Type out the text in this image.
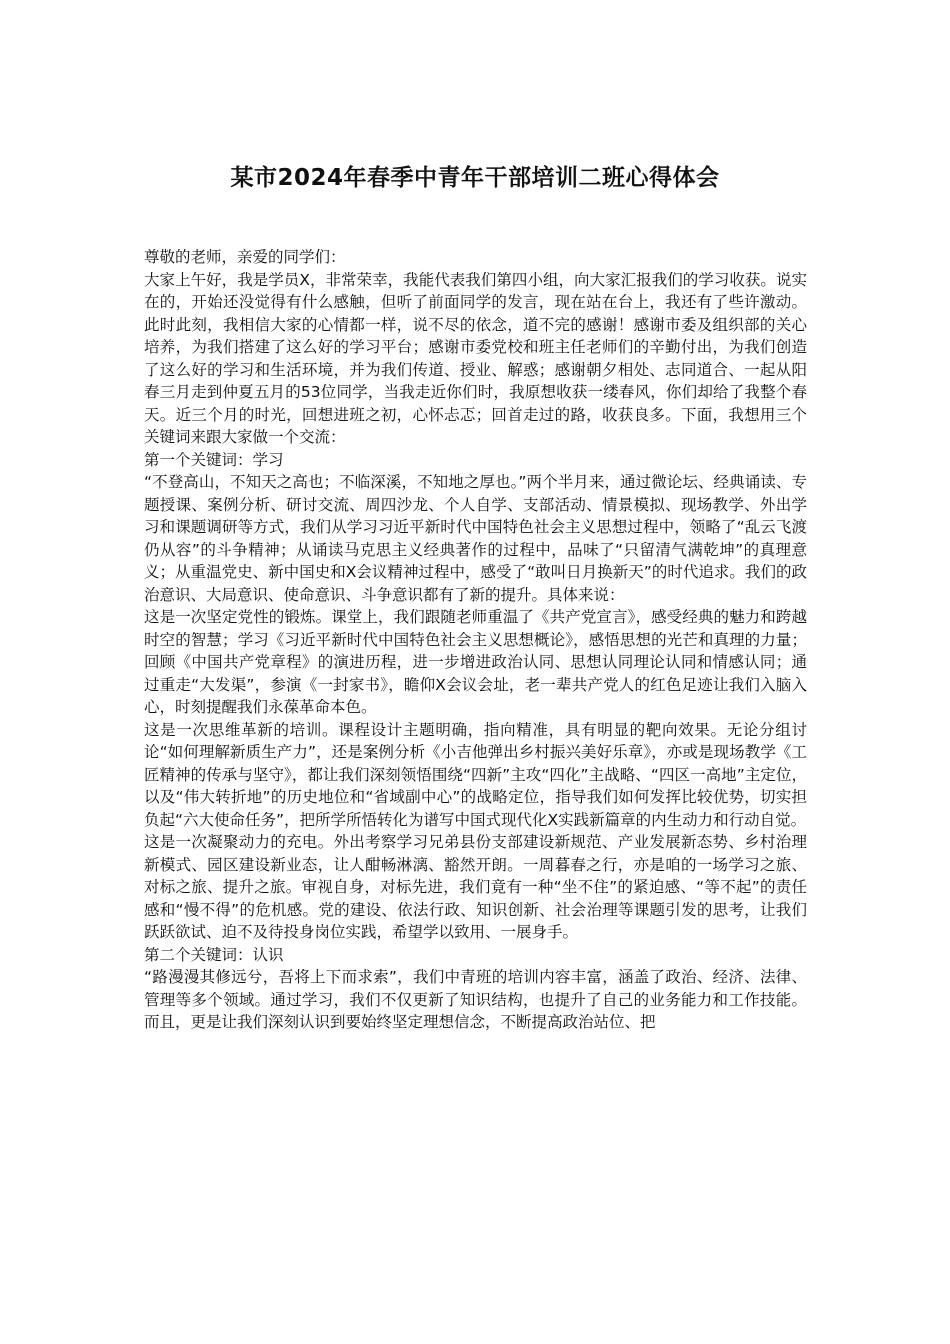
某市2024年春季中青年干部培训二班心得体会

尊敬的老师，亲爱的同学们：

大家上午好，我是学员X，非常荣幸，我能代表我们第四小组，向大家汇报我们的学习收获。说实在的，开始还没觉得有什么感触，但听了前面同学的发言，现在站在台上，我还有了些许激动。此时此刻，我相信大家的心情都一样，说不尽的依念，道不完的感谢！感谢市委及组织部的关心培养，为我们搭建了这么好的学习平台；感谢市委党校和班主任老师们的辛勤付出，为我们创造了这么好的学习和生活环境，并为我们传道、授业、解惑；感谢朝夕相处、志同道合、一起从阳春三月走到仲夏五月的53位同学，当我走近你们时，我原想收获一缕春风，你们却给了我整个春天。近三个月的时光，回想进班之初，心怀忐忑；回首走过的路，收获良多。下面，我想用三个关键词来跟大家做一个交流：

第一个关键词：学习

“不登高山，不知天之高也；不临深溪，不知地之厚也。”两个半月来，通过微论坛、经典诵读、专题授课、案例分析、研讨交流、周四沙龙、个人自学、支部活动、情景模拟、现场教学、外出学习和课题调研等方式，我们从学习习近平新时代中国特色社会主义思想过程中，领略了“乱云飞渡仍从容”的斗争精神；从诵读马克思主义经典著作的过程中，品味了“只留清气满乾坤”的真理意义；从重温党史、新中国史和X会议精神过程中，感受了“敢叫日月换新天”的时代追求。我们的政治意识、大局意识、使命意识、斗争意识都有了新的提升。具体来说：

这是一次坚定党性的锻炼。课堂上，我们跟随老师重温了《共产党宣言》，感受经典的魅力和跨越时空的智慧；学习《习近平新时代中国特色社会主义思想概论》，感悟思想的光芒和真理的力量；回顾《中国共产党章程》的演进历程，进一步增进政治认同、思想认同理论认同和情感认同；通过重走“大发渠”，参演《一封家书》，瞻仰X会议会址，老一辈共产党人的红色足迹让我们入脑入心，时刻提醒我们永葆革命本色。

这是一次思维革新的培训。课程设计主题明确，指向精准，具有明显的靶向效果。无论分组讨论“如何理解新质生产力”，还是案例分析《小吉他弹出乡村振兴美好乐章》，亦或是现场教学《工匠精神的传承与坚守》，都让我们深刻领悟围绕“四新”主攻“四化”主战略、“四区一高地”主定位，以及“伟大转折地”的历史地位和“省域副中心”的战略定位，指导我们如何发挥比较优势，切实担负起“六大使命任务”，把所学所悟转化为谱写中国式现代化X实践新篇章的内生动力和行动自觉。

这是一次凝聚动力的充电。外出考察学习兄弟县份支部建设新规范、产业发展新态势、乡村治理新模式、园区建设新业态，让人酣畅淋漓、豁然开朗。一周暮春之行，亦是咱的一场学习之旅、对标之旅、提升之旅。审视自身，对标先进，我们竟有一种“坐不住”的紧迫感、“等不起”的责任感和“慢不得”的危机感。党的建设、依法行政、知识创新、社会治理等课题引发的思考，让我们跃跃欲试、迫不及待投身岗位实践，希望学以致用、一展身手。

第二个关键词：认识

“路漫漫其修远兮，吾将上下而求索”，我们中青班的培训内容丰富，涵盖了政治、经济、法律、管理等多个领域。通过学习，我们不仅更新了知识结构，也提升了自己的业务能力和工作技能。而且，更是让我们深刻认识到要始终坚定理想信念，不断提高政治站位、把
